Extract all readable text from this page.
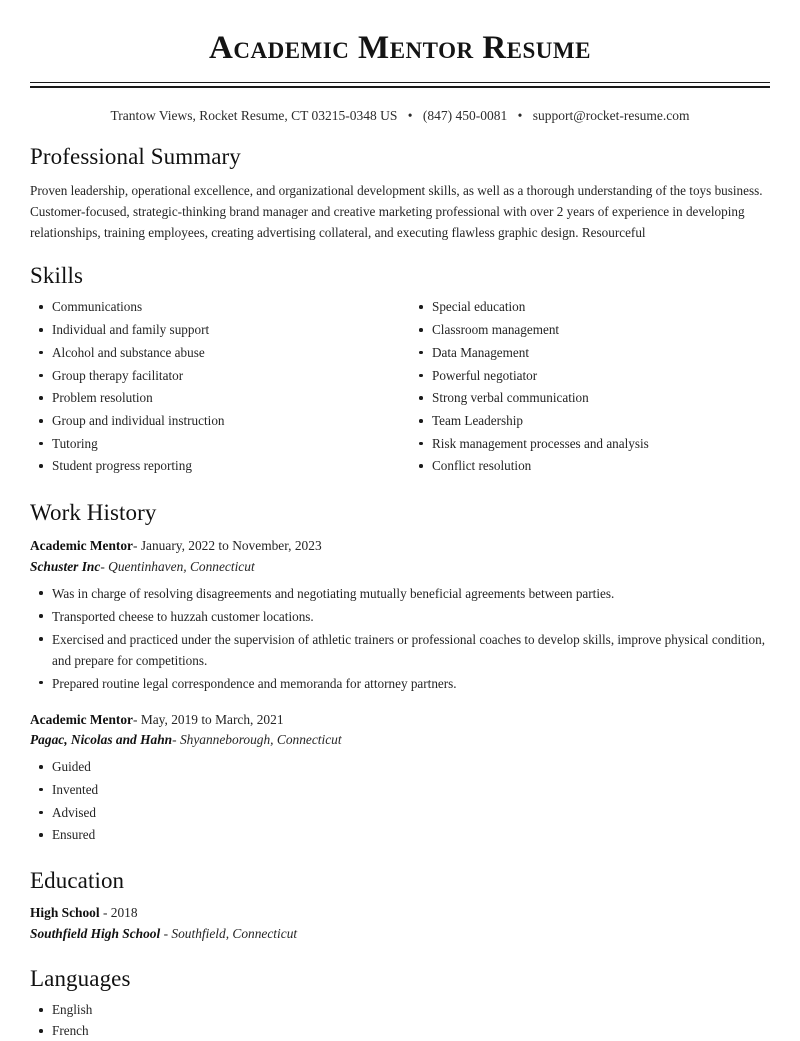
Academic Mentor Resume
Trantow Views, Rocket Resume, CT 03215-0348 US • (847) 450-0081 • support@rocket-resume.com
Professional Summary

Proven leadership, operational excellence, and organizational development skills, as well as a thorough understanding of the toys business. Customer-focused, strategic-thinking brand manager and creative marketing professional with over 2 years of experience in developing relationships, training employees, creating advertising collateral, and executing flawless graphic design. Resourceful

Skills
Communications
Individual and family support
Alcohol and substance abuse
Group therapy facilitator
Problem resolution
Group and individual instruction
Tutoring
Student progress reporting
Special education
Classroom management
Data Management
Powerful negotiator
Strong verbal communication
Team Leadership
Risk management processes and analysis
Conflict resolution
Work History
Academic Mentor- January, 2022 to November, 2023
Schuster Inc- Quentinhaven, Connecticut
Was in charge of resolving disagreements and negotiating mutually beneficial agreements between parties.
Transported cheese to huzzah customer locations.
Exercised and practiced under the supervision of athletic trainers or professional coaches to develop skills, improve physical condition, and prepare for competitions.
Prepared routine legal correspondence and memoranda for attorney partners.
Academic Mentor- May, 2019 to March, 2021
Pagac, Nicolas and Hahn- Shyanneborough, Connecticut
Guided
Invented
Advised
Ensured
Education
High School - 2018
Southfield High School - Southfield, Connecticut
Languages
English
French
